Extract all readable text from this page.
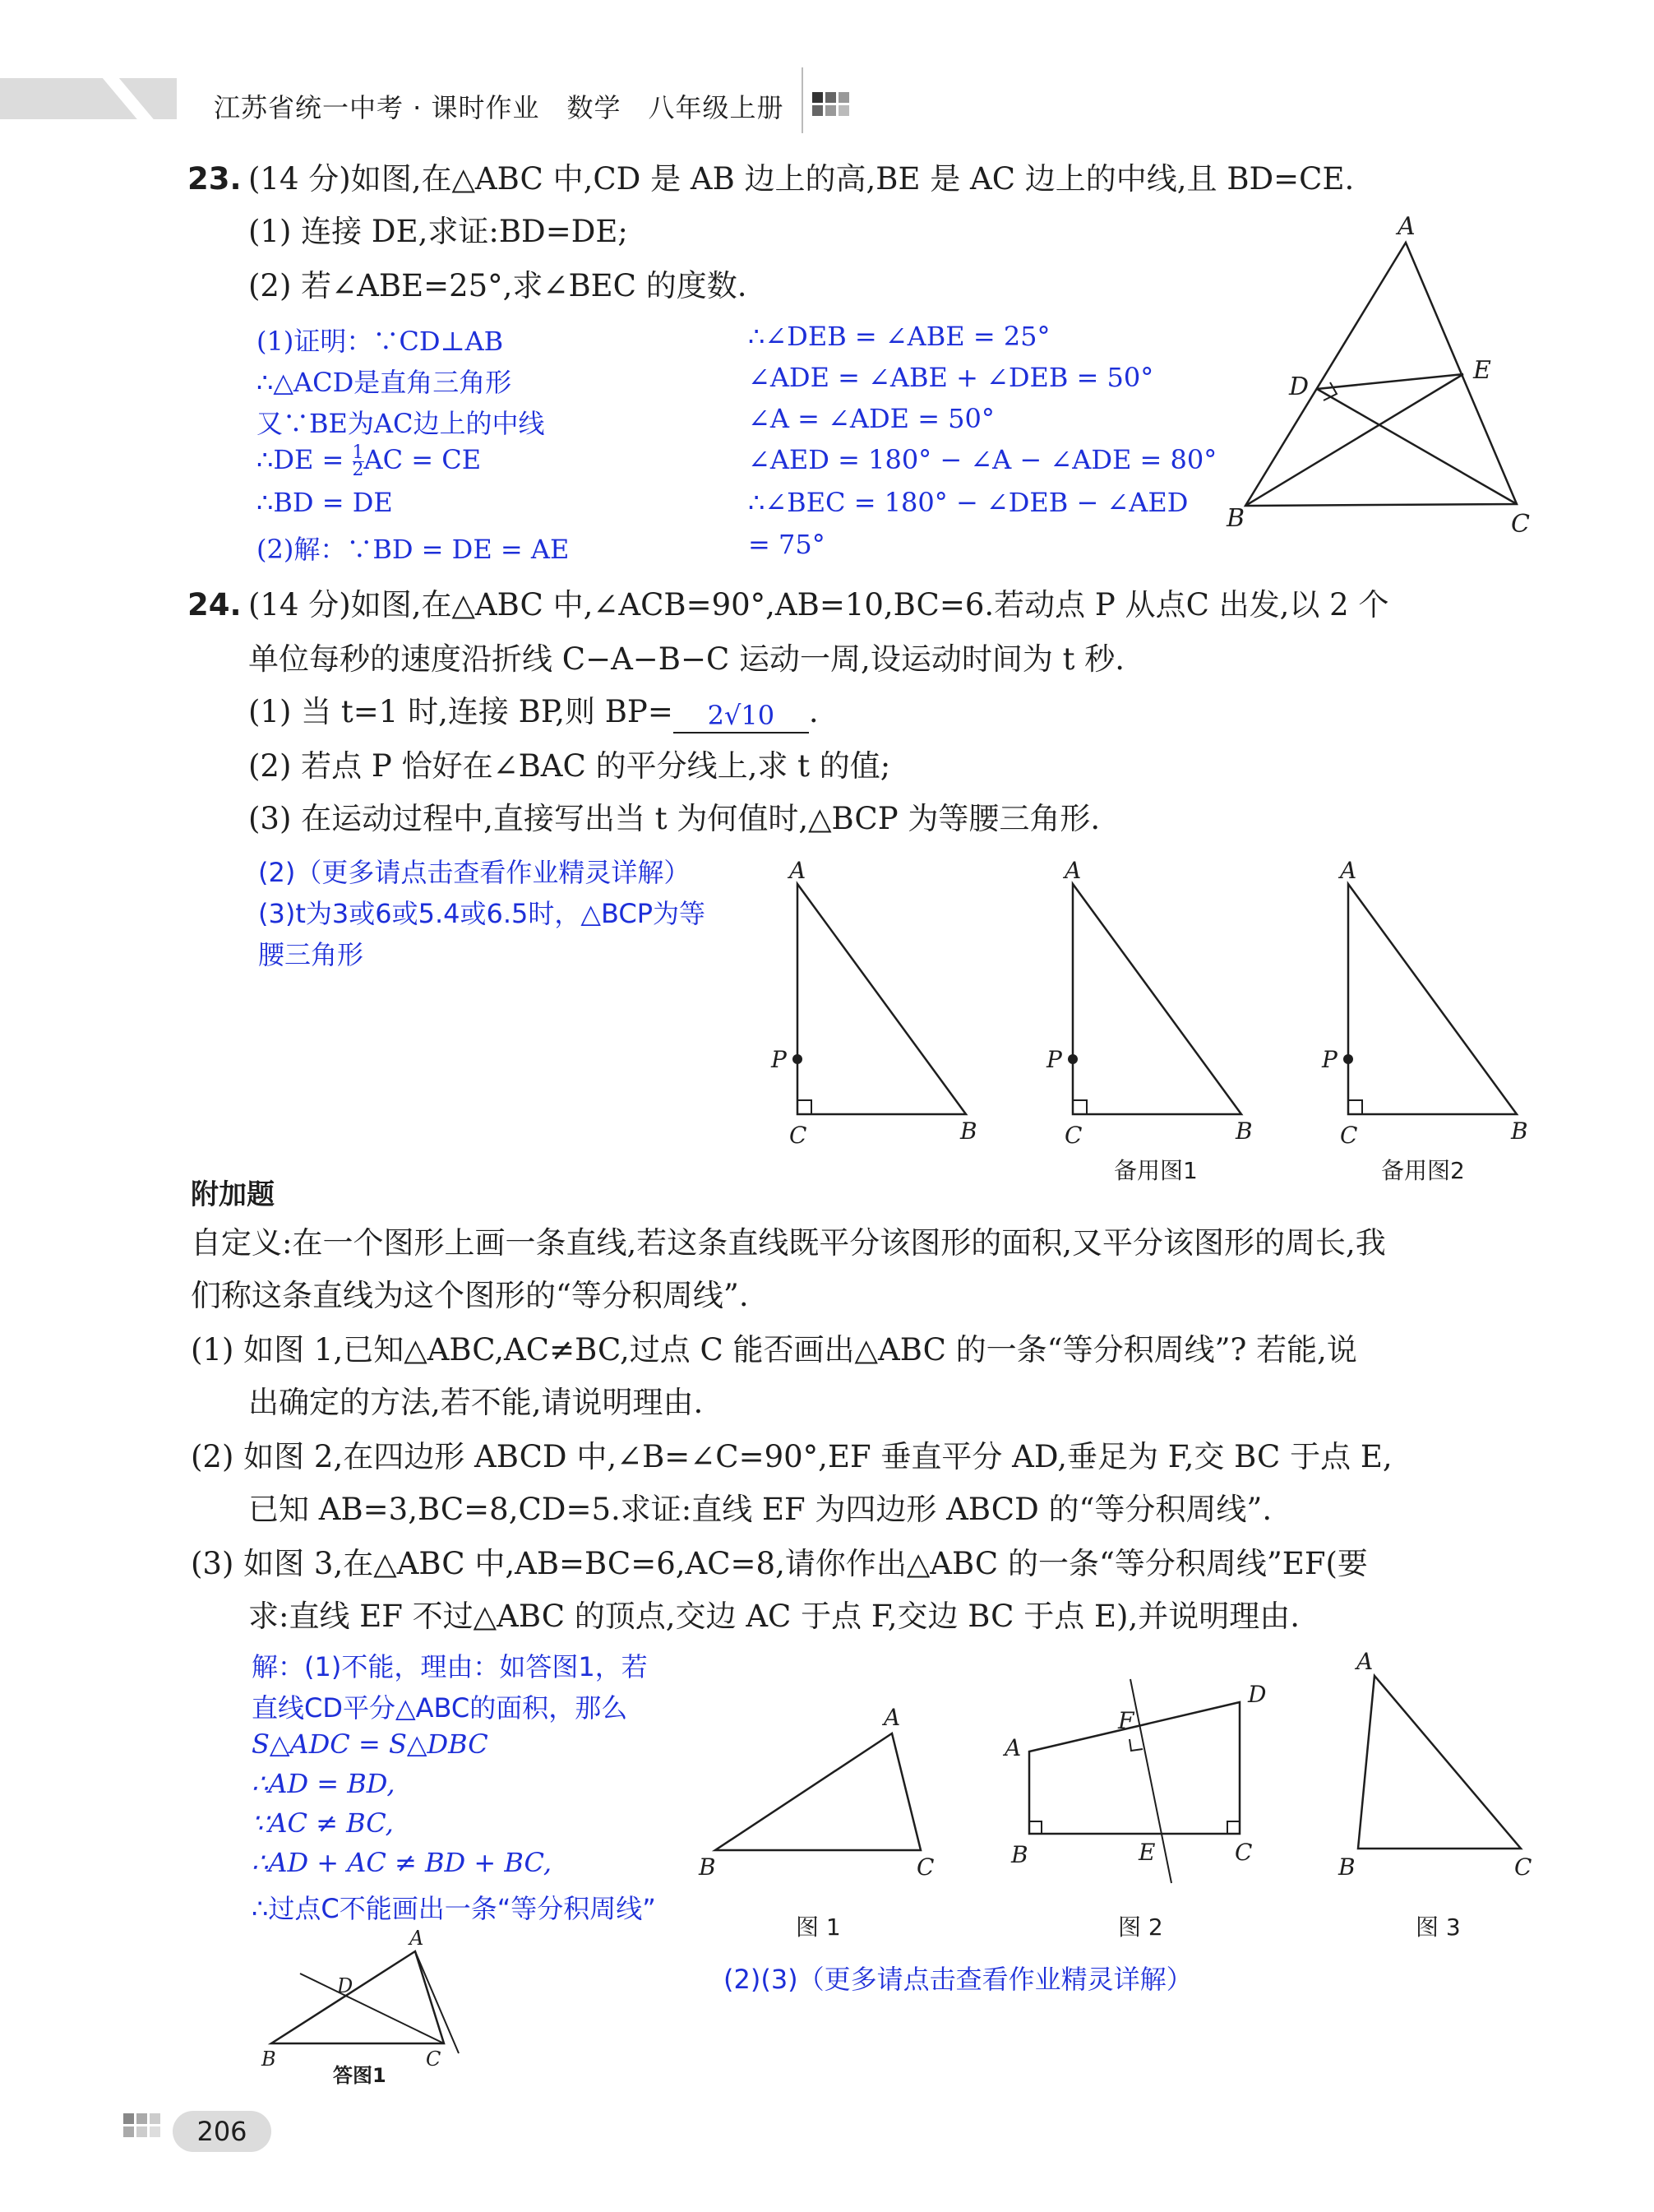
江苏省统一中考 · 课时作业　数学　八年级上册
23. (14 分)如图,在△ABC 中,CD 是 AB 边上的高,BE 是 AC 边上的中线,且 BD=CE.
(1) 连接 DE,求证:BD=DE;
(2) 若∠ABE=25°,求∠BEC 的度数.
(1)证明：∵CD⊥AB
∴△ACD是直角三角形
又∵BE为AC边上的中线
∴DE = $\frac{1}{2}$ AC = CE
∴BD = DE
(2)解：∵BD = DE = AE
∴∠DEB = ∠ABE = 25°
∠ADE = ∠ABE + ∠DEB = 50°
∠A = ∠ADE = 50°
∠AED = 180° − ∠A − ∠ADE = 80°
∴∠BEC = 180° − ∠DEB − ∠AED
= 75°
A
B	C
D
E
24. (14 分)如图,在△ABC 中,∠ACB=90°,AB=10,BC=6.若动点 P 从点C 出发,以 2 个
单位每秒的速度沿折线 C−A−B−C 运动一周,设运动时间为 t 秒.
(1) 当 t=1 时,连接 BP,则 BP= 2√10 .
(2) 若点 P 恰好在∠BAC 的平分线上,求 t 的值;
(3) 在运动过程中,直接写出当 t 为何值时,△BCP 为等腰三角形.
(2)（更多请点击查看作业精灵详解）
(3)t为3或6或5.4或6.5时，△BCP为等
腰三角形
A
P
C	B
A
P
C	B
A
P
C	B
备用图1	备用图2
附加题
自定义:在一个图形上画一条直线,若这条直线既平分该图形的面积,又平分该图形的周长,我
们称这条直线为这个图形的“等分积周线”.
(1) 如图 1,已知△ABC,AC≠BC,过点 C 能否画出△ABC 的一条“等分积周线”? 若能,说
出确定的方法,若不能,请说明理由.
(2) 如图 2,在四边形 ABCD 中,∠B=∠C=90°,EF 垂直平分 AD,垂足为 F,交 BC 于点 E,
已知 AB=3,BC=8,CD=5.求证:直线 EF 为四边形 ABCD 的“等分积周线”.
(3) 如图 3,在△ABC 中,AB=BC=6,AC=8,请你作出△ABC 的一条“等分积周线”EF(要
求:直线 EF 不过△ABC 的顶点,交边 AC 于点 F,交边 BC 于点 E),并说明理由.
解：(1)不能，理由：如答图1，若
直线CD平分△ABC的面积，那么
S△ADC = S△DBC
∴AD = BD,
∵AC ≠ BC,
∴AD + AC ≠ BD + BC,
∴过点C不能画出一条“等分积周线”
A
B	C
D
答图1
A
B	C
图 1
A
B	C
D
E
F
图 2
A
B	C
图 3
(2)(3)（更多请点击查看作业精灵详解）
206
